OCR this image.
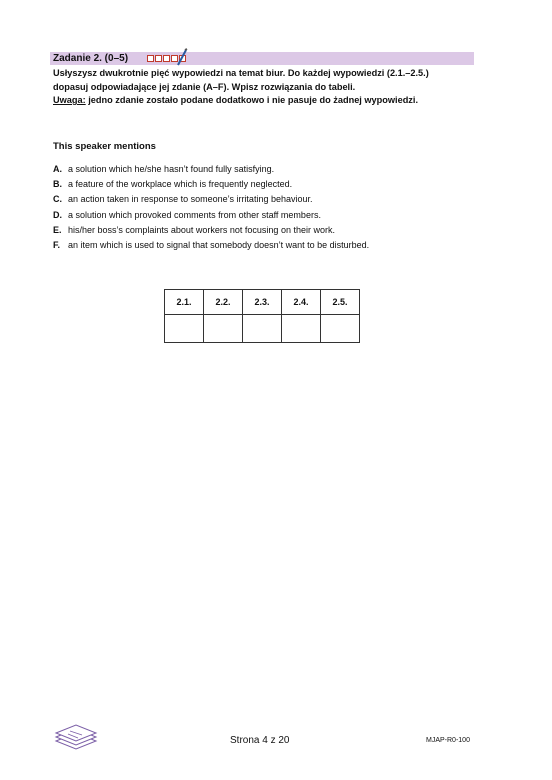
Zadanie 2. (0–5)
Usłyszysz dwukrotnie pięć wypowiedzi na temat biur. Do każdej wypowiedzi (2.1.–2.5.)
dopasuj odpowiadające jej zdanie (A–F). Wpisz rozwiązania do tabeli.
Uwaga: jedno zdanie zostało podane dodatkowo i nie pasuje do żadnej wypowiedzi.
This speaker mentions
A. a solution which he/she hasn’t found fully satisfying.
B. a feature of the workplace which is frequently neglected.
C. an action taken in response to someone’s irritating behaviour.
D. a solution which provoked comments from other staff members.
E. his/her boss’s complaints about workers not focusing on their work.
F. an item which is used to signal that somebody doesn’t want to be disturbed.
2.1.	2.2.	2.3.	2.4.	2.5.

Strona 4 z 20	MJAP-R0-100
